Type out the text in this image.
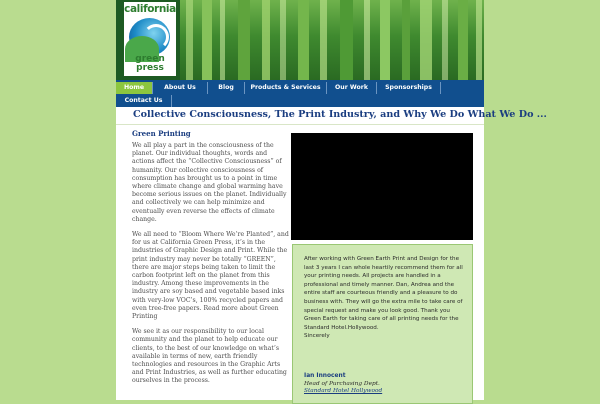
california
green
press
Home	About Us	Blog	Products & Services	Our Work	Sponsorships
Contact Us
Collective Consciousness, The Print Industry, and Why We Do What We Do ...
Green Printing

We all play a part in the consciousness of the planet. Our individual thoughts, words and actions affect the “Collective Consciousness” of humanity. Our collective consciousness of consumption has brought us to a point in time where climate change and global warming have become serious issues on the planet. Individually and collectively we can help minimize and eventually even reverse the effects of climate change.

We all need to “Bloom Where We’re Planted”, and for us at California Green Press, it’s in the industries of Graphic Design and Print. While the print industry may never be totally “GREEN”, there are major steps being taken to limit the carbon footprint left on the planet from this industry. Among these improvements in the industry are soy based and vegetable based inks with very-low VOC’s, 100% recycled papers and even tree-free papers. Read more about Green Printing

We see it as our responsibility to our local community and the planet to help educate our clients, to the best of our knowledge on what’s available in terms of new, earth friendly technologies and resources in the Graphic Arts and Print Industries, as well as further educating ourselves in the process.

After working with Green Earth Print and Design for the last 3 years I can whole heartily recommend them for all your printing needs. All projects are handled in a professional and timely manner. Dan, Andrea and the entire staff are courteous friendly and a pleasure to do business with. They will go the extra mile to take care of special request and make you look good. Thank you Green Earth for taking care of all printing needs for the Standard Hotel.Hollywood.
Sincerely
Ian Innocent
Head of Purchasing Dept.
Standard Hotel Hollywood
